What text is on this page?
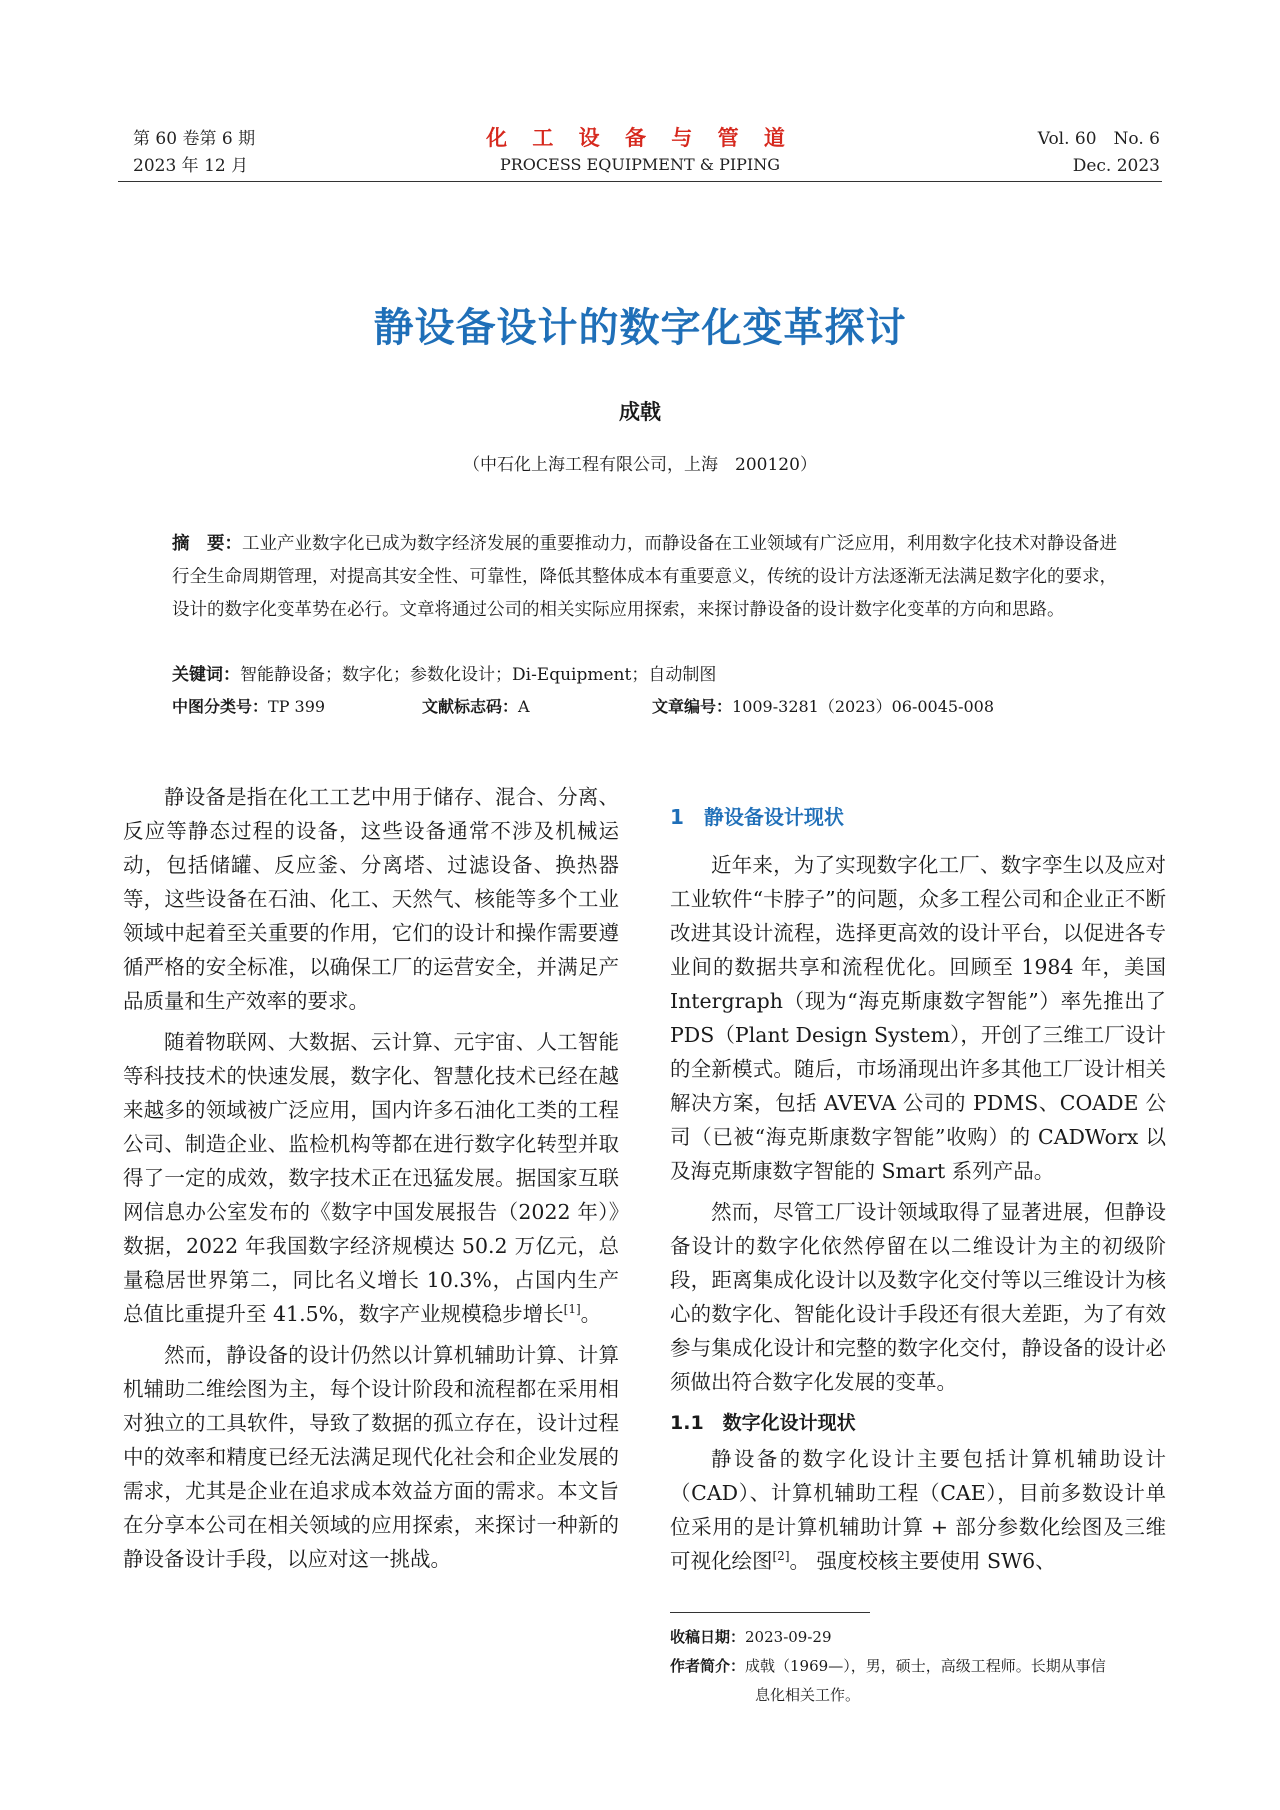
第 60 卷第 6 期
2023 年 12 月
化 工 设 备 与 管 道
PROCESS EQUIPMENT & PIPING
Vol. 60　No. 6
Dec. 2023
静设备设计的数字化变革探讨
成戟
（中石化上海工程有限公司，上海　200120）
摘　要：工业产业数字化已成为数字经济发展的重要推动力，而静设备在工业领域有广泛应用，利用数字化技术对静设备进行全生命周期管理，对提高其安全性、可靠性，降低其整体成本有重要意义，传统的设计方法逐渐无法满足数字化的要求，设计的数字化变革势在必行。文章将通过公司的相关实际应用探索，来探讨静设备的设计数字化变革的方向和思路。
关键词：智能静设备；数字化；参数化设计；Di-Equipment；自动制图
中图分类号：TP 399	文献标志码：A	文章编号：1009-3281（2023）06-0045-008

静设备是指在化工工艺中用于储存、混合、分离、反应等静态过程的设备，这些设备通常不涉及机械运动，包括储罐、反应釜、分离塔、过滤设备、换热器等，这些设备在石油、化工、天然气、核能等多个工业领域中起着至关重要的作用，它们的设计和操作需要遵循严格的安全标准，以确保工厂的运营安全，并满足产品质量和生产效率的要求。

随着物联网、大数据、云计算、元宇宙、人工智能等科技技术的快速发展，数字化、智慧化技术已经在越来越多的领域被广泛应用，国内许多石油化工类的工程公司、制造企业、监检机构等都在进行数字化转型并取得了一定的成效，数字技术正在迅猛发展。据国家互联网信息办公室发布的《数字中国发展报告（2022 年）》数据，2022 年我国数字经济规模达 50.2 万亿元，总量稳居世界第二，同比名义增长 10.3%，占国内生产总值比重提升至 41.5%，数字产业规模稳步增长[1]。

然而，静设备的设计仍然以计算机辅助计算、计算机辅助二维绘图为主，每个设计阶段和流程都在采用相对独立的工具软件，导致了数据的孤立存在，设计过程中的效率和精度已经无法满足现代化社会和企业发展的需求，尤其是企业在追求成本效益方面的需求。本文旨在分享本公司在相关领域的应用探索，来探讨一种新的静设备设计手段，以应对这一挑战。

1　静设备设计现状

近年来，为了实现数字化工厂、数字孪生以及应对工业软件“卡脖子”的问题，众多工程公司和企业正不断改进其设计流程，选择更高效的设计平台，以促进各专业间的数据共享和流程优化。回顾至 1984 年，美国 Intergraph（现为“海克斯康数字智能”）率先推出了 PDS（Plant Design System），开创了三维工厂设计的全新模式。随后，市场涌现出许多其他工厂设计相关解决方案，包括 AVEVA 公司的 PDMS、COADE 公司（已被“海克斯康数字智能”收购）的 CADWorx 以及海克斯康数字智能的 Smart 系列产品。

然而，尽管工厂设计领域取得了显著进展，但静设备设计的数字化依然停留在以二维设计为主的初级阶段，距离集成化设计以及数字化交付等以三维设计为核心的数字化、智能化设计手段还有很大差距，为了有效参与集成化设计和完整的数字化交付，静设备的设计必须做出符合数字化发展的变革。

1.1　数字化设计现状

静设备的数字化设计主要包括计算机辅助设计（CAD）、计算机辅助工程（CAE），目前多数设计单位采用的是计算机辅助计算 + 部分参数化绘图及三维可视化绘图[2]。 强度校核主要使用 SW6、

收稿日期：2023-09-29
作者简介：成戟（1969—），男，硕士，高级工程师。长期从事信
息化相关工作。
